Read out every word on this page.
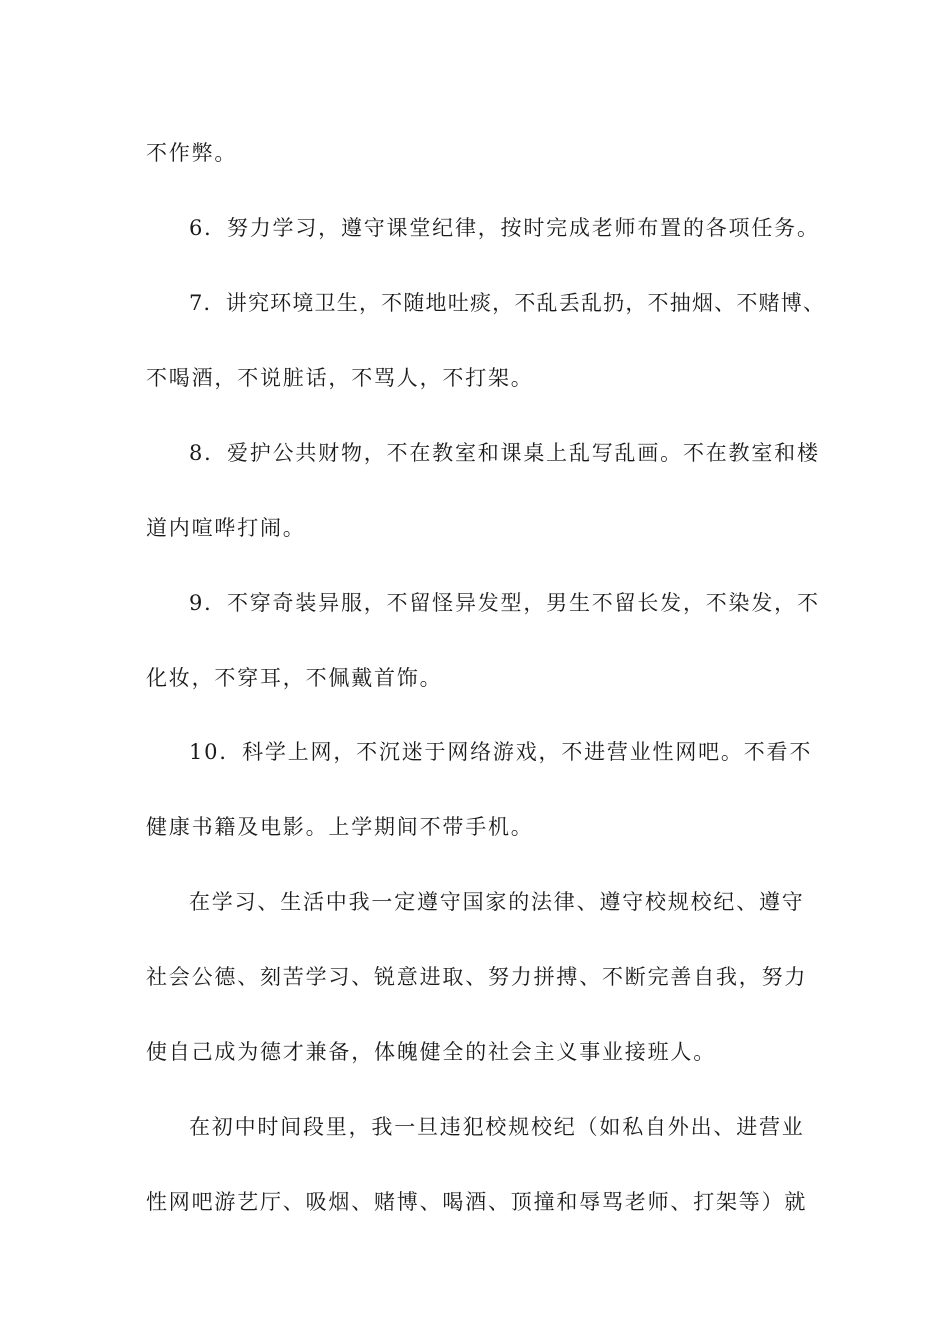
不作弊。
6．努力学习，遵守课堂纪律，按时完成老师布置的各项任务。
7．讲究环境卫生，不随地吐痰，不乱丢乱扔，不抽烟、不赌博、
不喝酒，不说脏话，不骂人，不打架。
8．爱护公共财物，不在教室和课桌上乱写乱画。不在教室和楼
道内喧哗打闹。
9．不穿奇装异服，不留怪异发型，男生不留长发，不染发，不
化妆，不穿耳，不佩戴首饰。
10．科学上网，不沉迷于网络游戏，不进营业性网吧。不看不
健康书籍及电影。上学期间不带手机。
在学习、生活中我一定遵守国家的法律、遵守校规校纪、遵守
社会公德、刻苦学习、锐意进取、努力拼搏、不断完善自我，努力
使自己成为德才兼备，体魄健全的社会主义事业接班人。
在初中时间段里，我一旦违犯校规校纪（如私自外出、进营业
性网吧游艺厅、吸烟、赌博、喝酒、顶撞和辱骂老师、打架等）就
